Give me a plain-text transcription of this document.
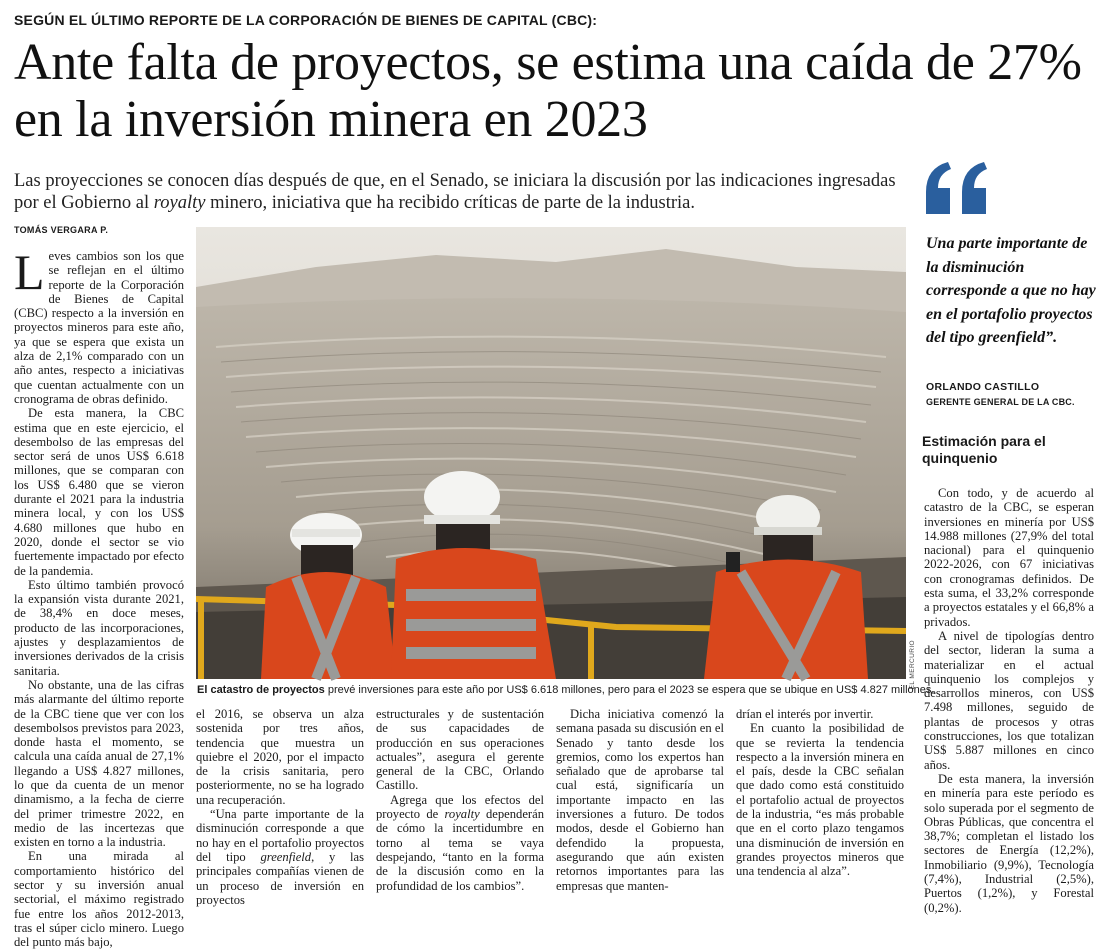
SEGÚN EL ÚLTIMO REPORTE DE LA CORPORACIÓN DE BIENES DE CAPITAL (CBC):
Ante falta de proyectos, se estima una caída de 27% en la inversión minera en 2023
Las proyecciones se conocen días después de que, en el Senado, se iniciara la discusión por las indicaciones ingresadas por el Gobierno al royalty minero, iniciativa que ha recibido críticas de parte de la industria.
TOMÁS VERGARA P.

Leves cambios son los que se reflejan en el último reporte de la Corporación de Bienes de Capital (CBC) respecto a la inversión en proyectos mineros para este año, ya que se espera que exista un alza de 2,1% comparado con un año antes, respecto a iniciativas que cuentan actualmente con un cronograma de obras definido.

De esta manera, la CBC estima que en este ejercicio, el desembolso de las empresas del sector será de unos US$ 6.618 millones, que se comparan con los US$ 6.480 que se vieron durante el 2021 para la industria minera local, y con los US$ 4.680 millones que hubo en 2020, donde el sector se vio fuertemente impactado por efecto de la pandemia.

Esto último también provocó la expansión vista durante 2021, de 38,4% en doce meses, producto de las incorporaciones, ajustes y desplazamientos de inversiones derivados de la crisis sanitaria.

No obstante, una de las cifras más alarmante del último reporte de la CBC tiene que ver con los desembolsos previstos para 2023, donde hasta el momento, se calcula una caída anual de 27,1% llegando a US$ 4.827 millones, lo que da cuenta de un menor dinamismo, a la fecha de cierre del primer trimestre 2022, en medio de las incertezas que existen en torno a la industria.

En una mirada al comportamiento histórico del sector y su inversión anual sectorial, el máximo registrado fue entre los años 2012-2013, tras el súper ciclo minero. Luego del punto más bajo,

EL MERCURIO
El catastro de proyectos prevé inversiones para este año por US$ 6.618 millones, pero para el 2023 se espera que se ubique en US$ 4.827 millones.

el 2016, se observa un alza sostenida por tres años, tendencia que muestra un quiebre el 2020, por el impacto de la crisis sanitaria, pero posteriormente, no se ha logrado una recuperación.

“Una parte importante de la disminución corresponde a que no hay en el portafolio proyectos del tipo greenfield, y las principales compañías vienen de un proceso de inversión en proyectos

estructurales y de sustentación de sus capacidades de producción en sus operaciones actuales”, asegura el gerente general de la CBC, Orlando Castillo.

Agrega que los efectos del proyecto de royalty dependerán de cómo la incertidumbre en torno al tema se vaya despejando, “tanto en la forma de la discusión como en la profundidad de los cambios”.

Dicha iniciativa comenzó la semana pasada su discusión en el Senado y tanto desde los gremios, como los expertos han señalado que de aprobarse tal cual está, significaría un importante impacto en las inversiones a futuro. De todos modos, desde el Gobierno han defendido la propuesta, asegurando que aún existen retornos importantes para las empresas que manten-

drían el interés por invertir.

En cuanto la posibilidad de que se revierta la tendencia respecto a la inversión minera en el país, desde la CBC señalan que dado como está constituido el portafolio actual de proyectos de la industria, “es más probable que en el corto plazo tengamos una disminución de inversión en grandes proyectos mineros que una tendencia al alza”.

Una parte importante de la disminución corresponde a que no hay en el portafolio proyectos del tipo greenfield”.
ORLANDO CASTILLO
GERENTE GENERAL DE LA CBC.
Estimación para el quinquenio

Con todo, y de acuerdo al catastro de la CBC, se esperan inversiones en minería por US$ 14.988 millones (27,9% del total nacional) para el quinquenio 2022-2026, con 67 iniciativas con cronogramas definidos. De esta suma, el 33,2% corresponde a proyectos estatales y el 66,8% a privados.

A nivel de tipologías dentro del sector, lideran la suma a materializar en el actual quinquenio los complejos y desarrollos mineros, con US$ 7.498 millones, seguido de plantas de procesos y otras construcciones, los que totalizan US$ 5.887 millones en cinco años.

De esta manera, la inversión en minería para este período es solo superada por el segmento de Obras Públicas, que concentra el 38,7%; completan el listado los sectores de Energía (12,2%), Inmobiliario (9,9%), Tecnología (7,4%), Industrial (2,5%), Puertos (1,2%), y Forestal (0,2%).
